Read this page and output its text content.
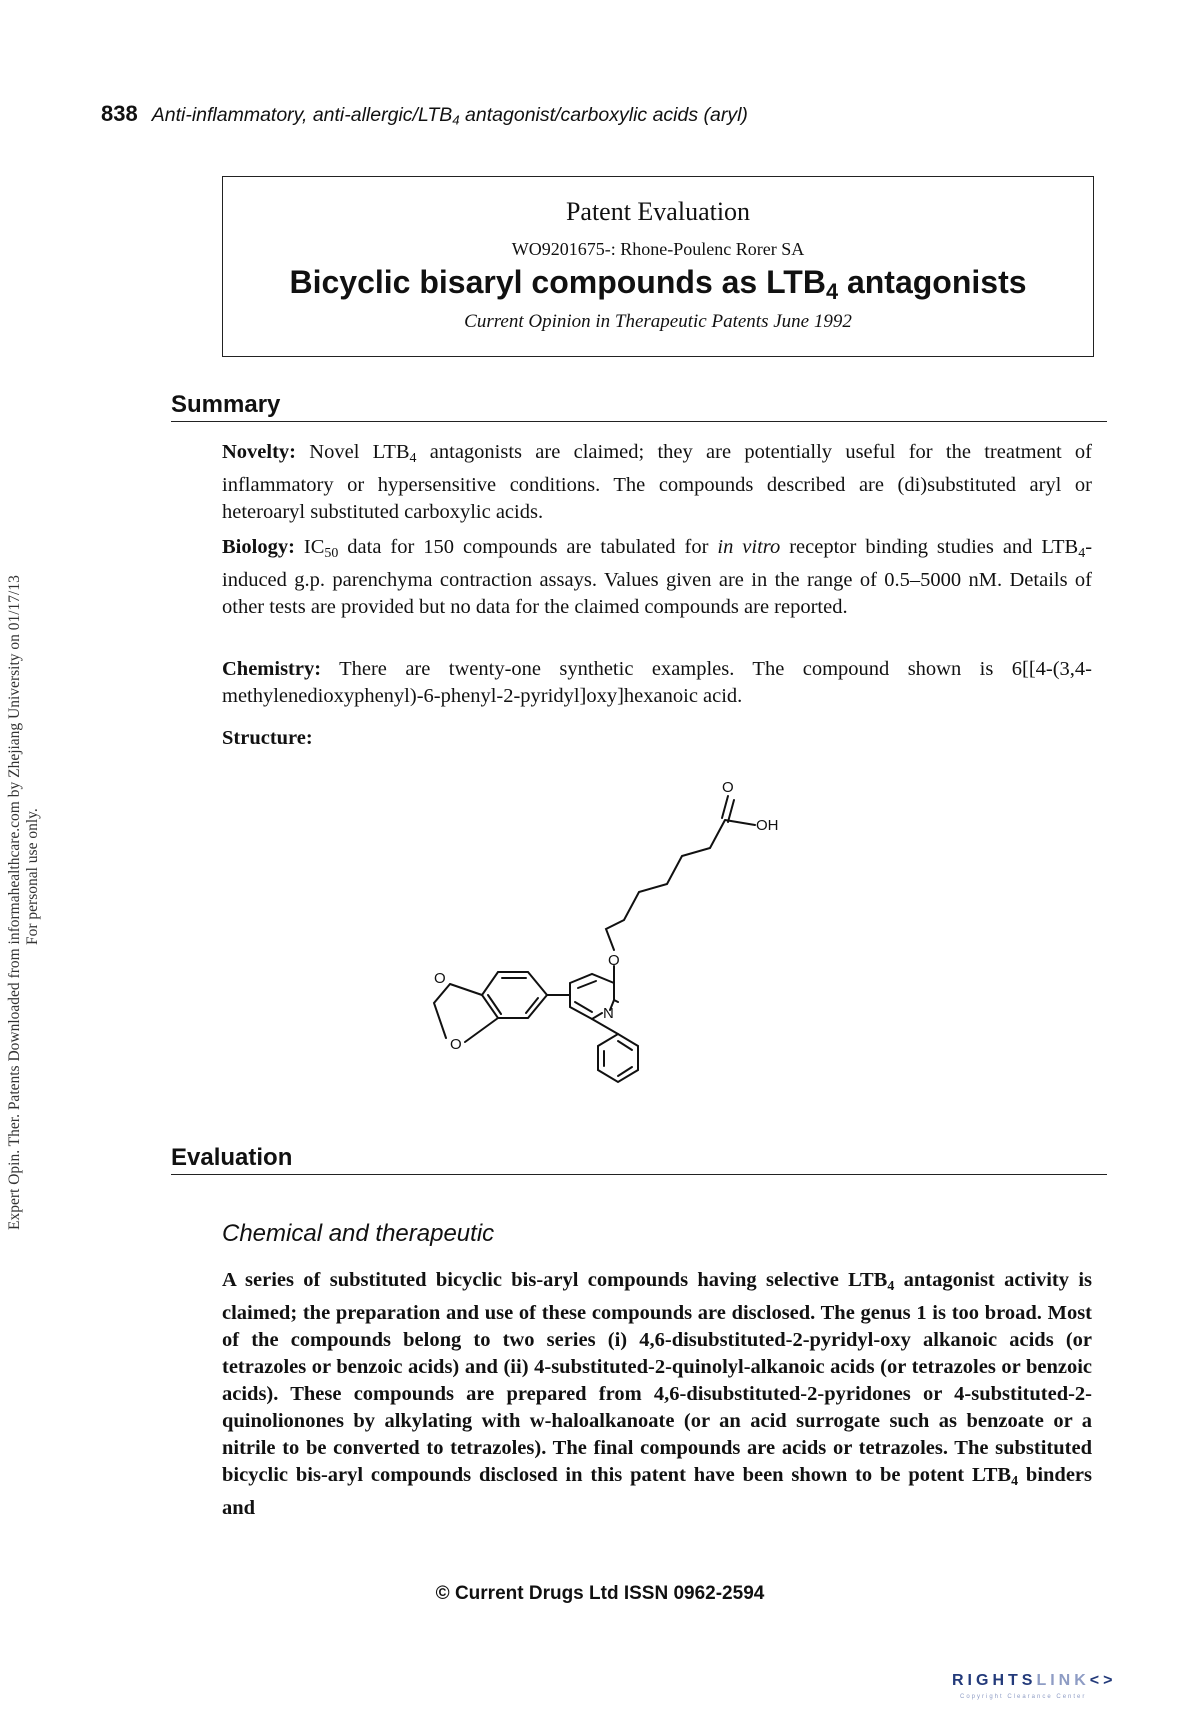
Expert Opin. Ther. Patents Downloaded from informahealthcare.com by Zhejiang University on 01/17/13 For personal use only.
838 Anti-inflammatory, anti-$allergic/LTB_4$ antagonist/carboxylic acids (aryl)
Patent Evaluation
WO9201675-: Rhone-Poulenc Rorer SA
Bicyclic bisaryl compounds as $LTB_4$ antagonists
Current Opinion in Therapeutic Patents June 1992
Summary

Novelty: Novel $LTB_4$ antagonists are claimed; they are potentially useful for the treatment of inflammatory or hypersensitive conditions. The compounds described are (di)substituted aryl or heteroaryl substituted carboxylic acids.

Biology: $IC_{50}$ data for 150 compounds are tabulated for in vitro receptor binding studies and $LTB_4$-induced g.p. parenchyma contraction assays. Values given are in the range of 0.5–5000 nM. Details of other tests are provided but no data for the claimed compounds are reported.

Chemistry: There are twenty-one synthetic examples. The compound shown is 6[[4-(3,4-methylenedioxyphenyl)-6-phenyl-2-pyridyl]oxy]hexanoic acid.

Structure:

O
OH
O
N
O
O
Evaluation
Chemical and therapeutic

A series of substituted bicyclic bis-aryl compounds having selective $LTB_4$ antagonist activity is claimed; the preparation and use of these compounds are disclosed. The genus 1 is too broad. Most of the compounds belong to two series (i) 4,6-disubstituted-2-pyridyl-oxy alkanoic acids (or tetrazoles or benzoic acids) and (ii) 4-substituted-2-quinolyl-alkanoic acids (or tetrazoles or benzoic acids). These compounds are prepared from 4,6-disubstituted-2-pyridones or 4-substituted-2-quinolionones by alkylating with w-haloalkanoate (or an acid surrogate such as benzoate or a nitrile to be converted to tetrazoles). The final compounds are acids or tetrazoles. The substituted bicyclic bis-aryl compounds disclosed in this patent have been shown to be potent $LTB_4$ binders and

© Current Drugs Ltd ISSN 0962-2594
RIGHTSLINK<>
Copyright Clearance Center
